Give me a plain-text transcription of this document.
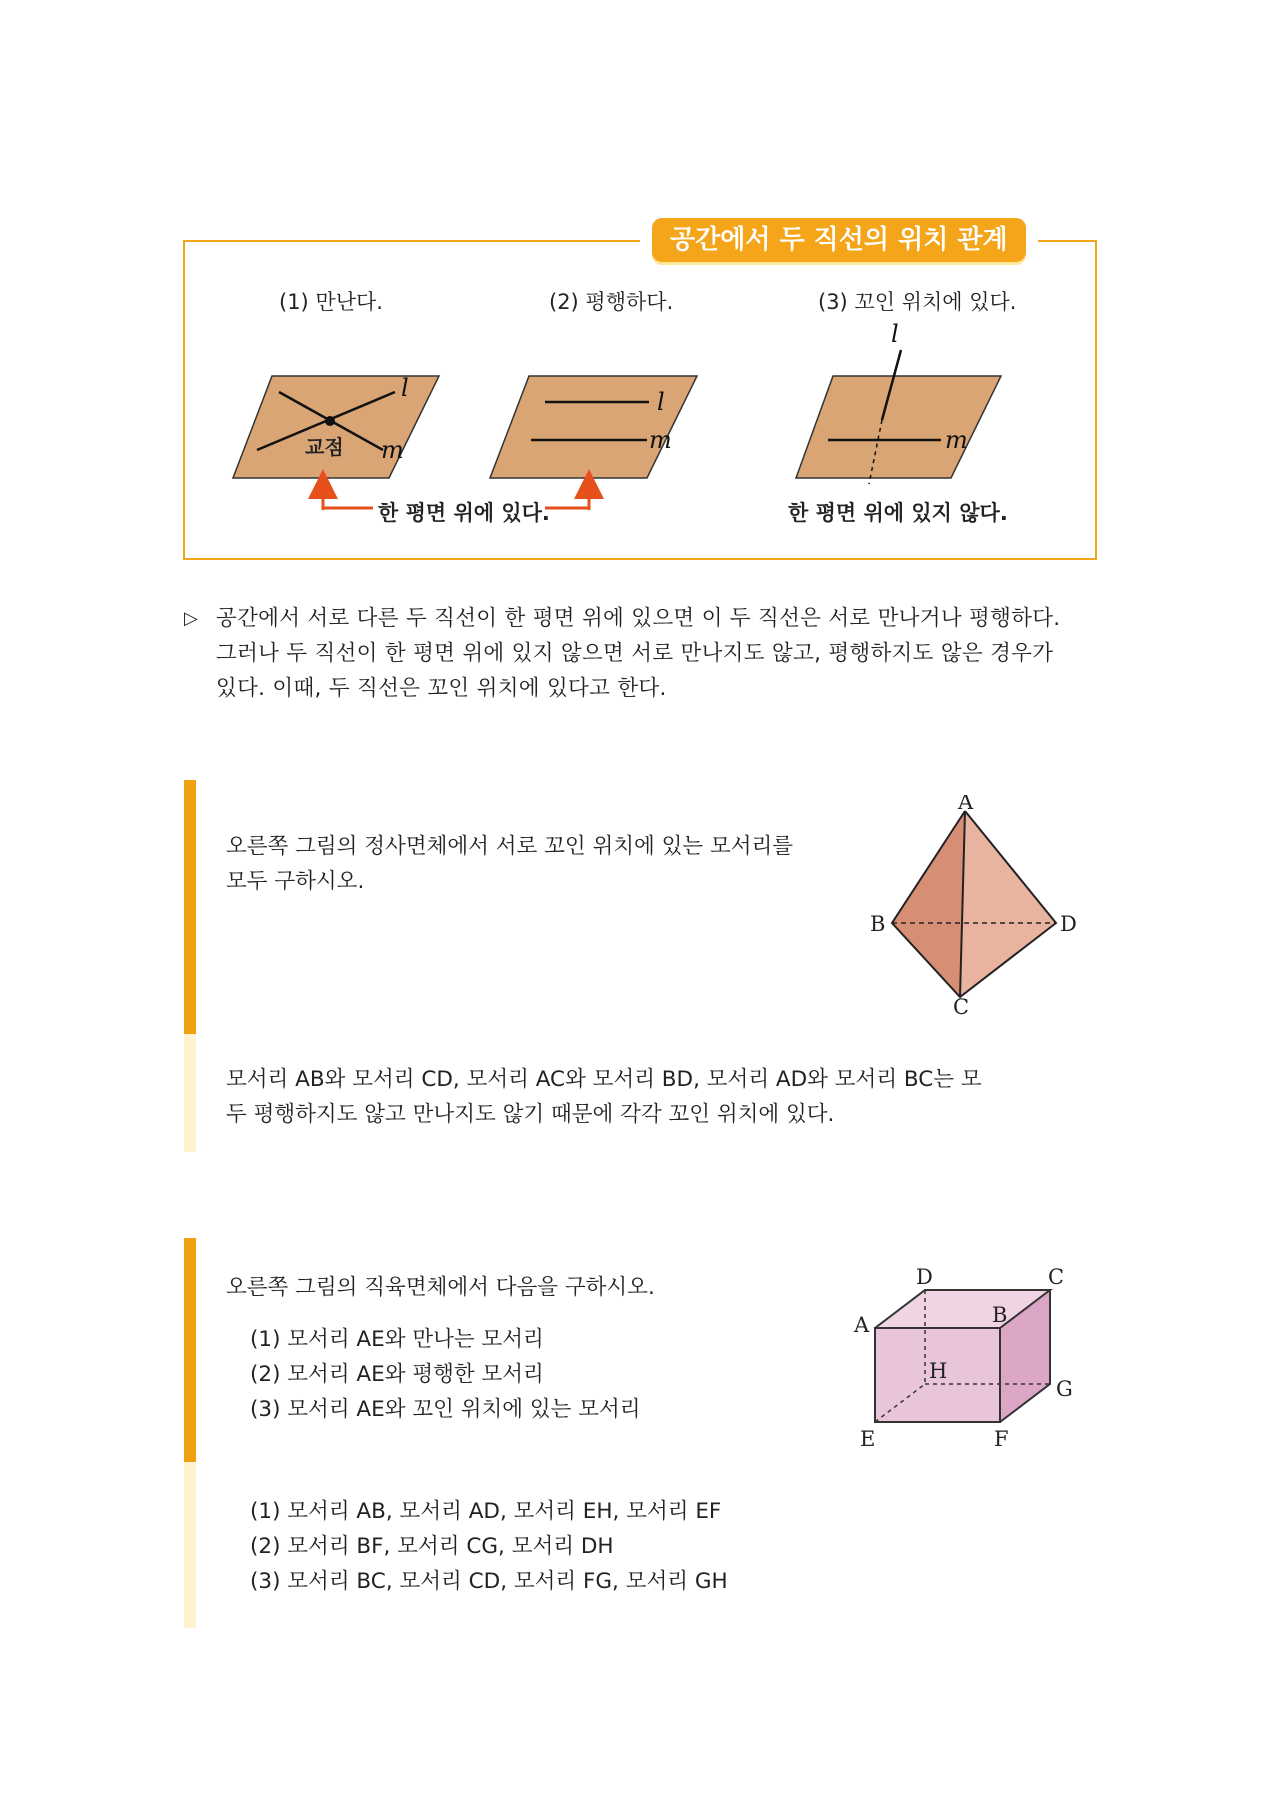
공간에서 두 직선의 위치 관계
(1) 만난다.	(2) 평행하다.	(3) 꼬인 위치에 있다.
l
m
교점
l
m
l
m
한 평면 위에 있다.	한 평면 위에 있지 않다.
▷ 공간에서 서로 다른 두 직선이 한 평면 위에 있으면 이 두 직선은 서로 만나거나 평행하다.
그러나 두 직선이 한 평면 위에 있지 않으면 서로 만나지도 않고, 평행하지도 않은 경우가
있다. 이때, 두 직선은 꼬인 위치에 있다고 한다.
오른쪽 그림의 정사면체에서 서로 꼬인 위치에 있는 모서리를
모두 구하시오.
A
B
C
D
모서리 AB와 모서리 CD, 모서리 AC와 모서리 BD, 모서리 AD와 모서리 BC는 모
두 평행하지도 않고 만나지도 않기 때문에 각각 꼬인 위치에 있다.
오른쪽 그림의 직육면체에서 다음을 구하시오.
(1) 모서리 AE와 만나는 모서리
(2) 모서리 AE와 평행한 모서리
(3) 모서리 AE와 꼬인 위치에 있는 모서리
D	C
A	B
H
G
E	F
(1) 모서리 AB, 모서리 AD, 모서리 EH, 모서리 EF
(2) 모서리 BF, 모서리 CG, 모서리 DH
(3) 모서리 BC, 모서리 CD, 모서리 FG, 모서리 GH
